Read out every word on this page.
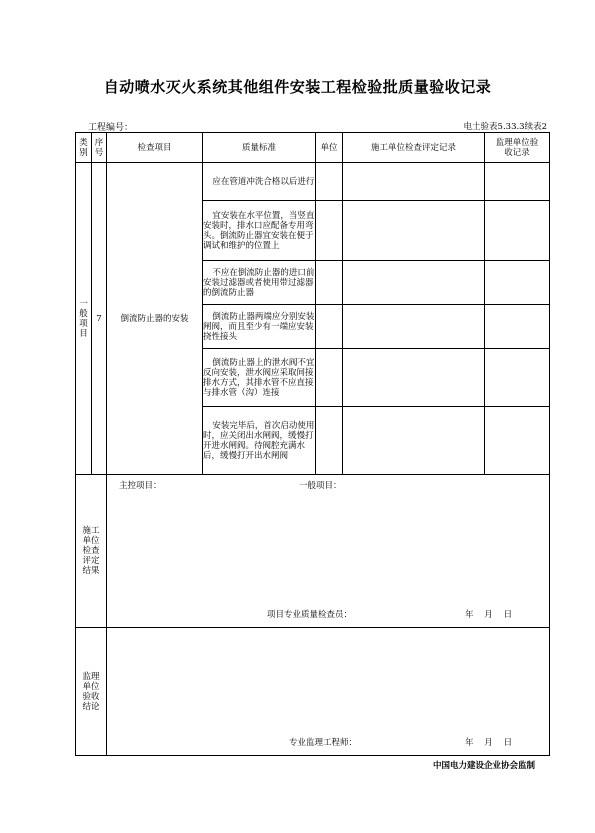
自动喷水灭火系统其他组件安装工程检验批质量验收记录
工程编号：	电土验表5.33.3续表2
类别	序号	检查项目	质量标准	单位	施工单位检查评定记录	监理单位验收记录
一般项目	7	倒流防止器的安装	应在管道冲洗合格以后进行			
			宜安装在水平位置，当竖直安装时，排水口应配备专用弯头。倒流防止器宜安装在便于调试和维护的位置上			
			不应在倒流防止器的进口前安装过滤器或者使用带过滤器的倒流防止器			
			倒流防止器两端应分别安装闸阀，而且至少有一端应安装挠性接头			
			倒流防止器上的泄水阀不宜反向安装，泄水阀应采取间接排水方式，其排水管不应直接与排水管（沟）连接			
			安装完毕后，首次启动使用时，应关闭出水闸阀，缓慢打开进水闸阀。待阀腔充满水后，缓慢打开出水闸阀			
施工单位检查评定结果		主控项目： 一般项目：
项目专业质量检查员： 年    月    日				

监理单位验收结论		专业监理工程师： 年    月    日				
中国电力建设企业协会监制
